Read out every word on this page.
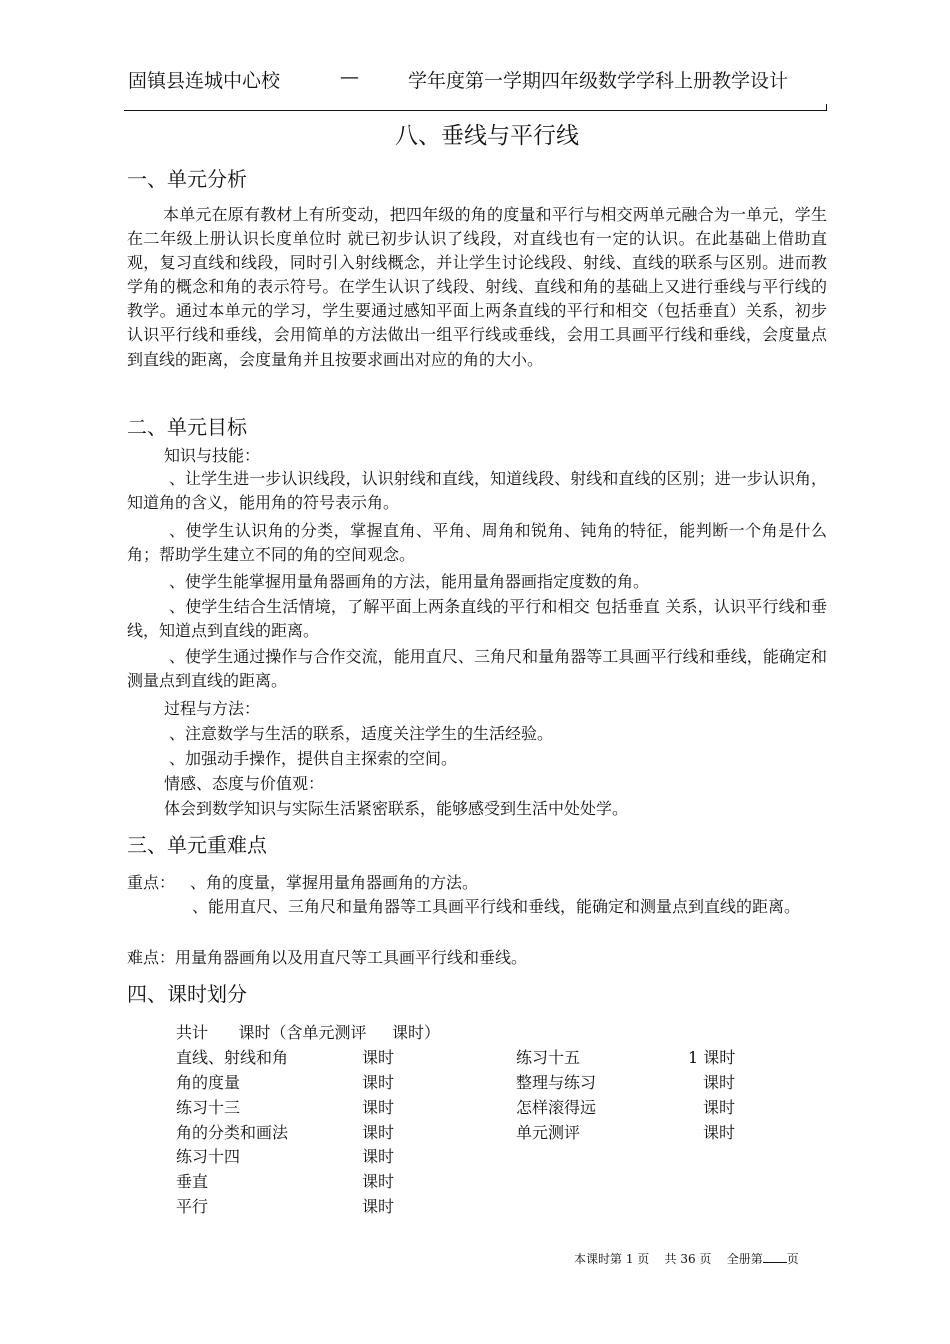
固镇县连城中心校	—	学年度第一学期四年级数学学科上册教学设计
八、垂线与平行线
一、单元分析
本单元在原有教材上有所变动，把四年级的角的度量和平行与相交两单元融合为一单元，学生在二年级上册认识长度单位时 就已初步认识了线段，对直线也有一定的认识。在此基础上借助直观，复习直线和线段，同时引入射线概念，并让学生讨论线段、射线、直线的联系与区别。进而教学角的概念和角的表示符号。在学生认识了线段、射线、直线和角的基础上又进行垂线与平行线的教学。通过本单元的学习，学生要通过感知平面上两条直线的平行和相交（包括垂直）关系，初步认识平行线和垂线，会用简单的方法做出一组平行线或垂线，会用工具画平行线和垂线，会度量点到直线的距离，会度量角并且按要求画出对应的角的大小。
二、单元目标
知识与技能：
、让学生进一步认识线段，认识射线和直线，知道线段、射线和直线的区别；进一步认识角，知道角的含义，能用角的符号表示角。
、使学生认识角的分类，掌握直角、平角、周角和锐角、钝角的特征，能判断一个角是什么角；帮助学生建立不同的角的空间观念。
、使学生能掌握用量角器画角的方法，能用量角器画指定度数的角。
、使学生结合生活情境，了解平面上两条直线的平行和相交 包括垂直 关系，认识平行线和垂线，知道点到直线的距离。
、使学生通过操作与合作交流，能用直尺、三角尺和量角器等工具画平行线和垂线，能确定和测量点到直线的距离。
过程与方法：
、注意数学与生活的联系，适度关注学生的生活经验。
、加强动手操作，提供自主探索的空间。
情感、态度与价值观：
体会到数学知识与实际生活紧密联系，能够感受到生活中处处学。
三、单元重难点
重点： 、角的度量，掌握用量角器画角的方法。
、能用直尺、三角尺和量角器等工具画平行线和垂线，能确定和测量点到直线的距离。
难点：用量角器画角以及用直尺等工具画平行线和垂线。
四、课时划分
共计      课时（含单元测评     课时）
直线、射线和角	课时
角的度量	课时
练习十三	课时
角的分类和画法	课时
练习十四	课时
垂直	课时
平行	课时
练习十五	1 课时
整理与练习	课时
怎样滚得远	课时
单元测评	课时
本课时第 1 页 共 36 页 全册第 页
